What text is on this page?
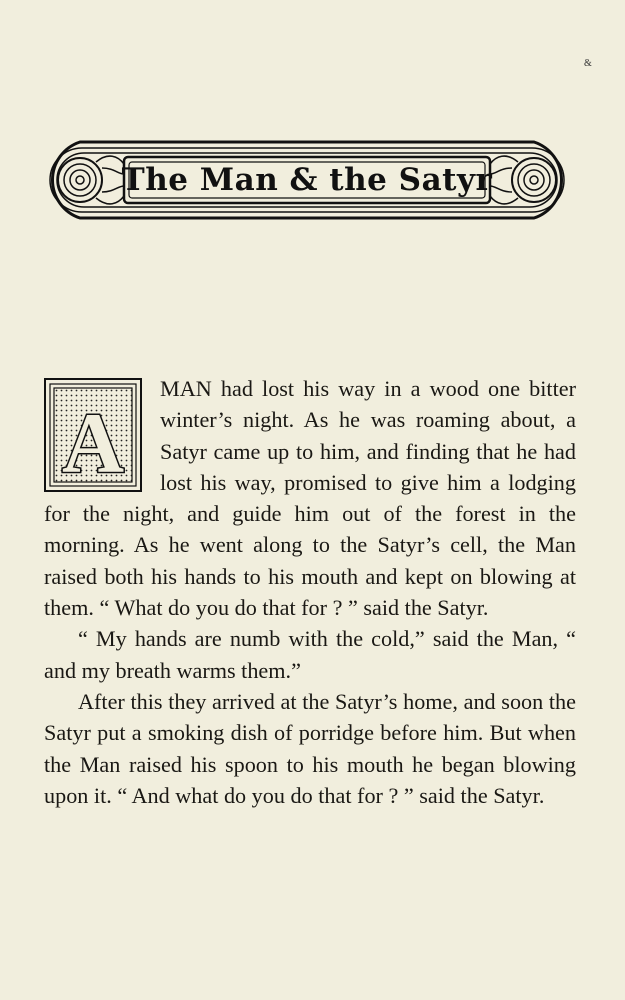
&
The Man & the Satyr
A

MAN had lost his way in a wood one bitter winter’s night. As he was roaming about, a Satyr came up to him, and finding that he had lost his way, promised to give him a lodging for the night, and guide him out of the forest in the morning. As he went along to the Satyr’s cell, the Man raised both his hands to his mouth and kept on blowing at them. “ What do you do that for ? ” said the Satyr.

“ My hands are numb with the cold,” said the Man, “ and my breath warms them.”

After this they arrived at the Satyr’s home, and soon the Satyr put a smoking dish of porridge before him. But when the Man raised his spoon to his mouth he began blowing upon it. “ And what do you do that for ? ” said the Satyr.
